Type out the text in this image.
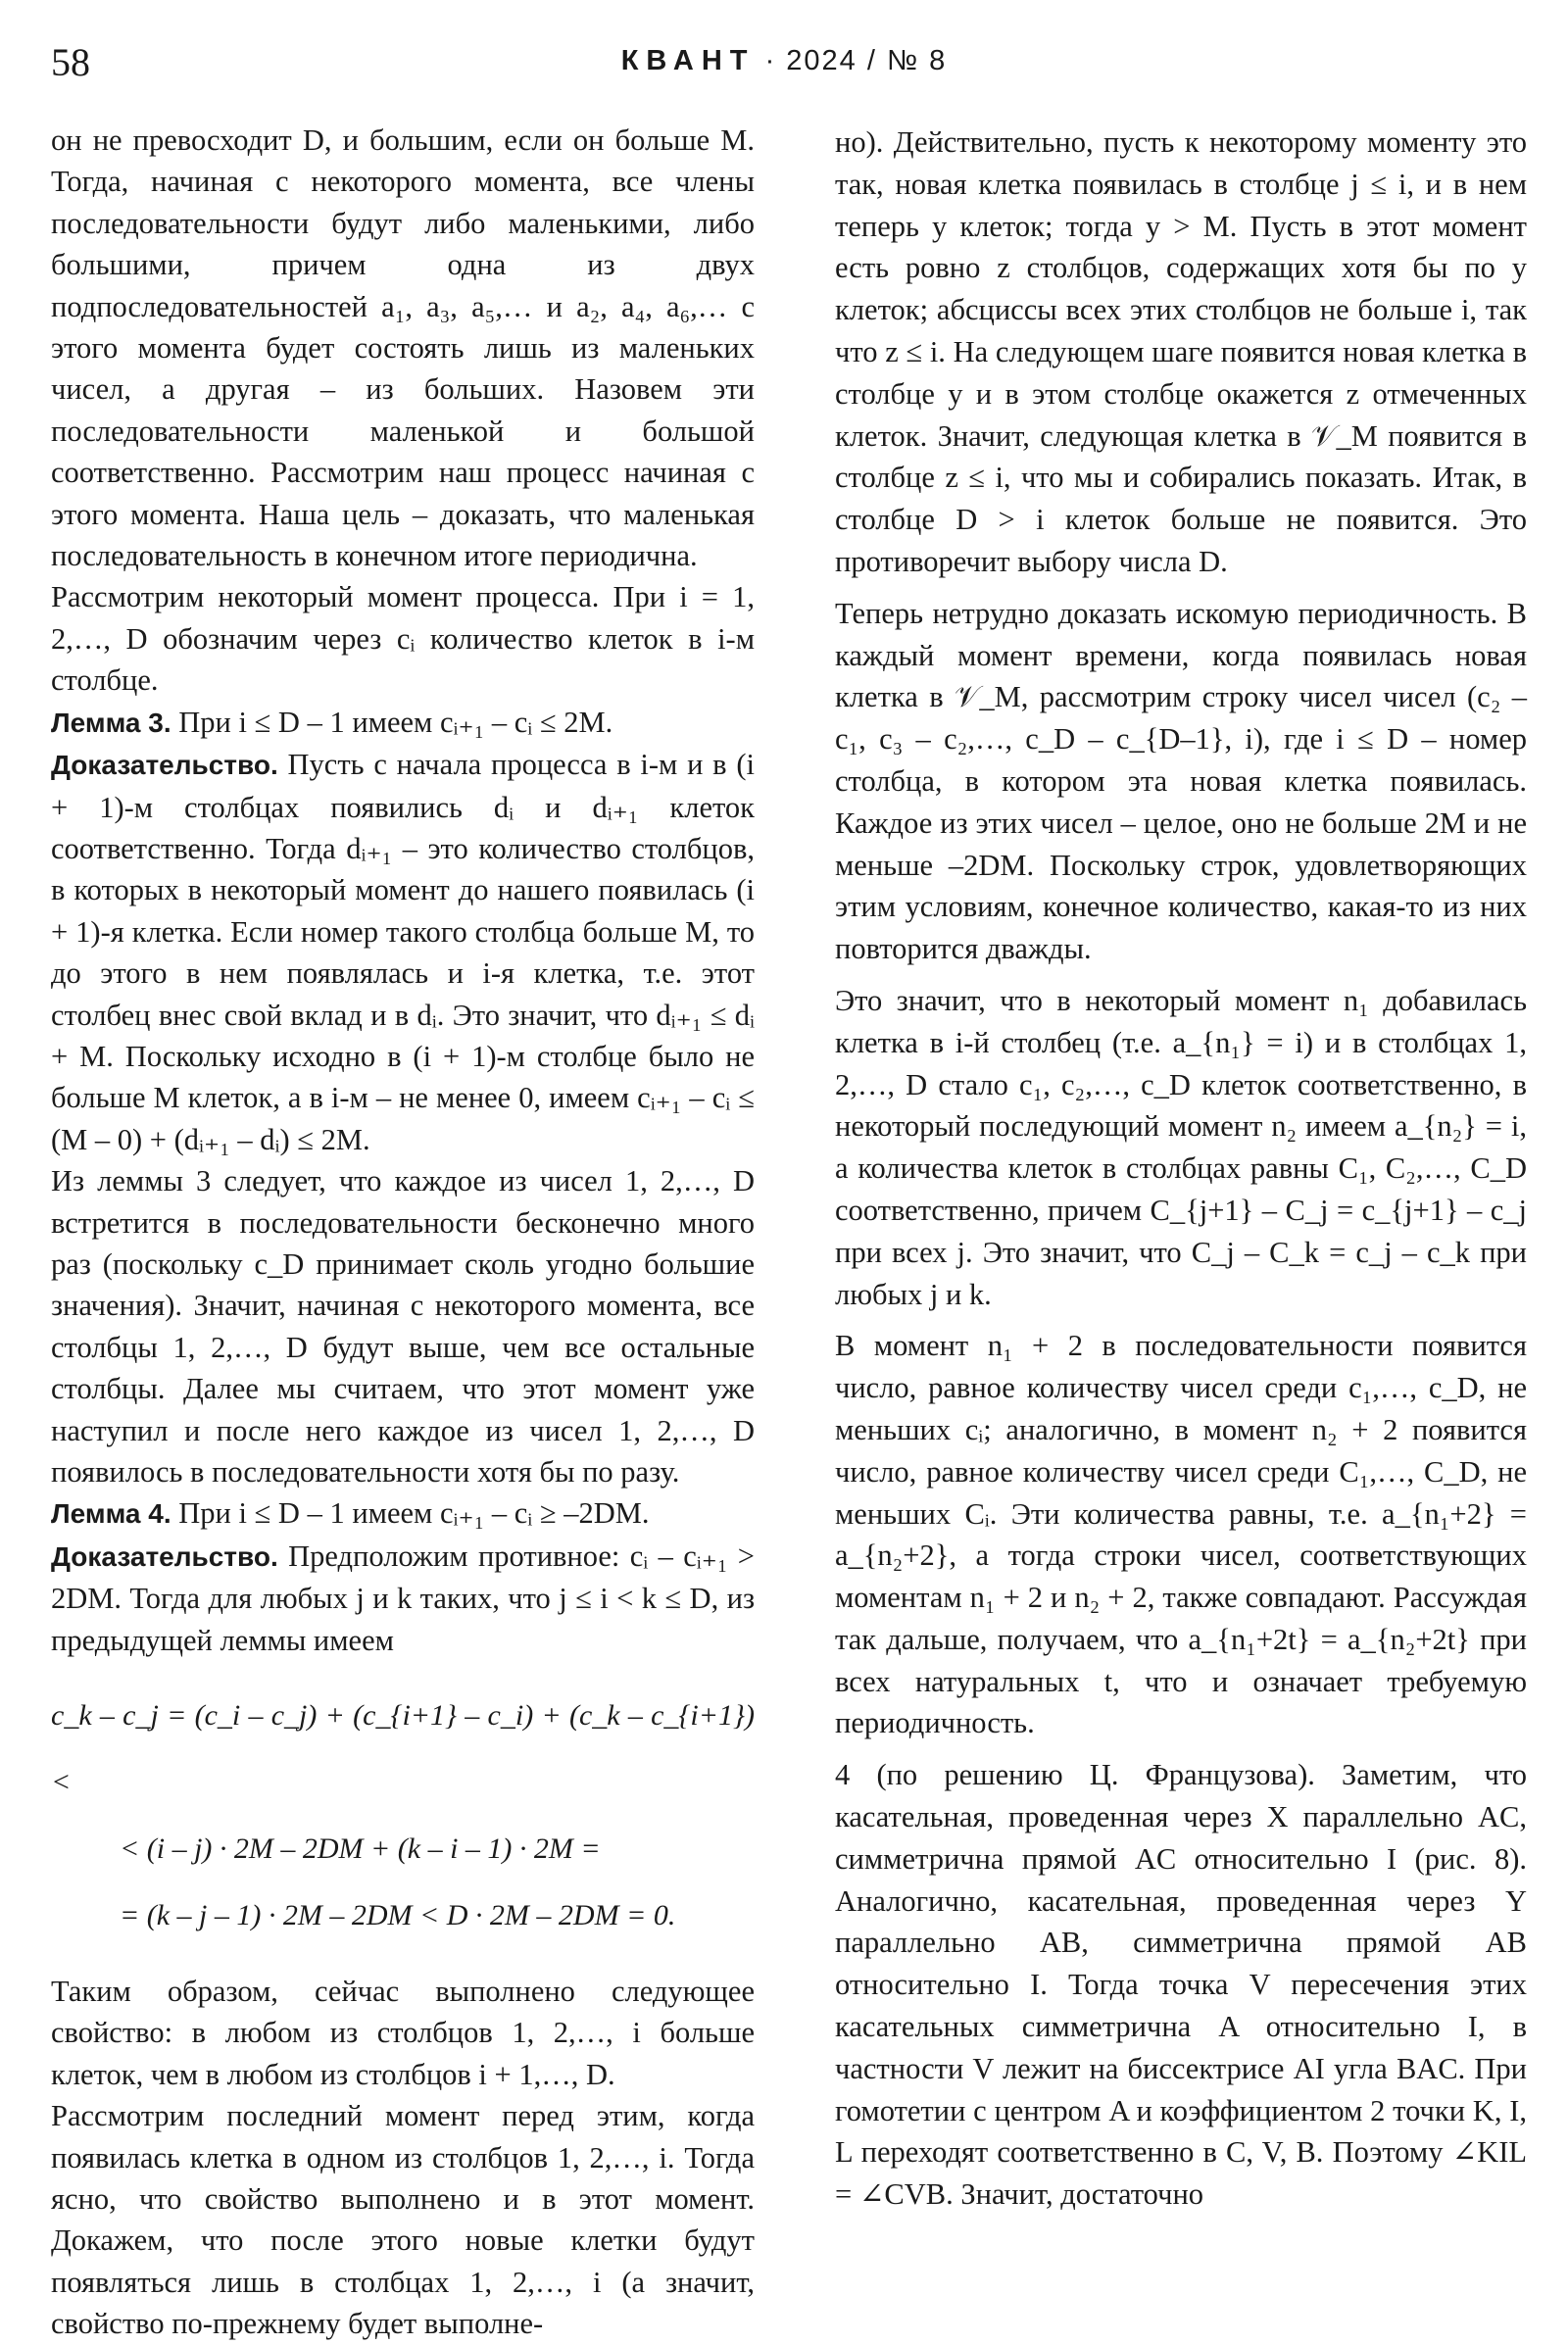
58	КВАНТ · 2024 / № 8

он не превосходит D, и большим, если он больше M. Тогда, начиная с некоторого момента, все члены последовательности будут либо маленькими, либо большими, причем одна из двух подпоследовательностей a₁, a₃, a₅,… и a₂, a₄, a₆,… с этого момента будет состоять лишь из маленьких чисел, а другая – из больших. Назовем эти последовательности маленькой и большой соответственно. Рассмотрим наш процесс начиная с этого момента. Наша цель – доказать, что маленькая последовательность в конечном итоге периодична.

Рассмотрим некоторый момент процесса. При i = 1, 2,…, D обозначим через cᵢ количество клеток в i-м столбце.

Лемма 3. При i ≤ D – 1 имеем cᵢ₊₁ – cᵢ ≤ 2M.

Доказательство. Пусть с начала процесса в i-м и в (i + 1)-м столбцах появились dᵢ и dᵢ₊₁ клеток соответственно. Тогда dᵢ₊₁ – это количество столбцов, в которых в некоторый момент до нашего появилась (i + 1)-я клетка. Если номер такого столбца больше M, то до этого в нем появлялась и i-я клетка, т.е. этот столбец внес свой вклад и в dᵢ. Это значит, что dᵢ₊₁ ≤ dᵢ + M. Поскольку исходно в (i + 1)-м столбце было не больше M клеток, а в i-м – не менее 0, имеем cᵢ₊₁ – cᵢ ≤ (M – 0) + (dᵢ₊₁ – dᵢ) ≤ 2M.

Из леммы 3 следует, что каждое из чисел 1, 2,…, D встретится в последовательности бесконечно много раз (поскольку c_D принимает сколь угодно большие значения). Значит, начиная с некоторого момента, все столбцы 1, 2,…, D будут выше, чем все остальные столбцы. Далее мы считаем, что этот момент уже наступил и после него каждое из чисел 1, 2,…, D появилось в последовательности хотя бы по разу.

Лемма 4. При i ≤ D – 1 имеем cᵢ₊₁ – cᵢ ≥ –2DM.

Доказательство. Предположим противное: cᵢ – cᵢ₊₁ > 2DM. Тогда для любых j и k таких, что j ≤ i < k ≤ D, из предыдущей леммы имеем

c_k – c_j = (c_i – c_j) + (c_{i+1} – c_i) + (c_k – c_{i+1}) <
< (i – j) · 2M – 2DM + (k – i – 1) · 2M =
= (k – j – 1) · 2M – 2DM < D · 2M – 2DM = 0.

Таким образом, сейчас выполнено следующее свойство: в любом из столбцов 1, 2,…, i больше клеток, чем в любом из столбцов i + 1,…, D.

Рассмотрим последний момент перед этим, когда появилась клетка в одном из столбцов 1, 2,…, i. Тогда ясно, что свойство выполнено и в этот момент. Докажем, что после этого новые клетки будут появляться лишь в столбцах 1, 2,…, i (а значит, свойство по-прежнему будет выполне-

но). Действительно, пусть к некоторому моменту это так, новая клетка появилась в столбце j ≤ i, и в нем теперь y клеток; тогда y > M. Пусть в этот момент есть ровно z столбцов, содержащих хотя бы по y клеток; абсциссы всех этих столбцов не больше i, так что z ≤ i. На следующем шаге появится новая клетка в столбце y и в этом столбце окажется z отмеченных клеток. Значит, следующая клетка в 𝒱_M появится в столбце z ≤ i, что мы и собирались показать. Итак, в столбце D > i клеток больше не появится. Это противоречит выбору числа D.

Теперь нетрудно доказать искомую периодичность. В каждый момент времени, когда появилась новая клетка в 𝒱_M, рассмотрим строку чисел чисел (c₂ – c₁, c₃ – c₂,…, c_D – c_{D–1}, i), где i ≤ D – номер столбца, в котором эта новая клетка появилась. Каждое из этих чисел – целое, оно не больше 2M и не меньше –2DM. Поскольку строк, удовлетворяющих этим условиям, конечное количество, какая-то из них повторится дважды.

Это значит, что в некоторый момент n₁ добавилась клетка в i-й столбец (т.е. a_{n₁} = i) и в столбцах 1, 2,…, D стало c₁, c₂,…, c_D клеток соответственно, в некоторый последующий момент n₂ имеем a_{n₂} = i, а количества клеток в столбцах равны C₁, C₂,…, C_D соответственно, причем C_{j+1} – C_j = c_{j+1} – c_j при всех j. Это значит, что C_j – C_k = c_j – c_k при любых j и k.

В момент n₁ + 2 в последовательности появится число, равное количеству чисел среди c₁,…, c_D, не меньших cᵢ; аналогично, в момент n₂ + 2 появится число, равное количеству чисел среди C₁,…, C_D, не меньших Cᵢ. Эти количества равны, т.е. a_{n₁+2} = a_{n₂+2}, а тогда строки чисел, соответствующих моментам n₁ + 2 и n₂ + 2, также совпадают. Рассуждая так дальше, получаем, что a_{n₁+2t} = a_{n₂+2t} при всех натуральных t, что и означает требуемую периодичность.

4 (по решению Ц. Французова). Заметим, что касательная, проведенная через X параллельно AC, симметрична прямой AC относительно I (рис. 8). Аналогично, касательная, проведенная через Y параллельно AB, симметрична прямой AB относительно I. Тогда точка V пересечения этих касательных симметрична A относительно I, в частности V лежит на биссектрисе AI угла BAC. При гомотетии с центром A и коэффициентом 2 точки K, I, L переходят соответственно в C, V, B. Поэтому ∠KIL = ∠CVB. Значит, достаточно
